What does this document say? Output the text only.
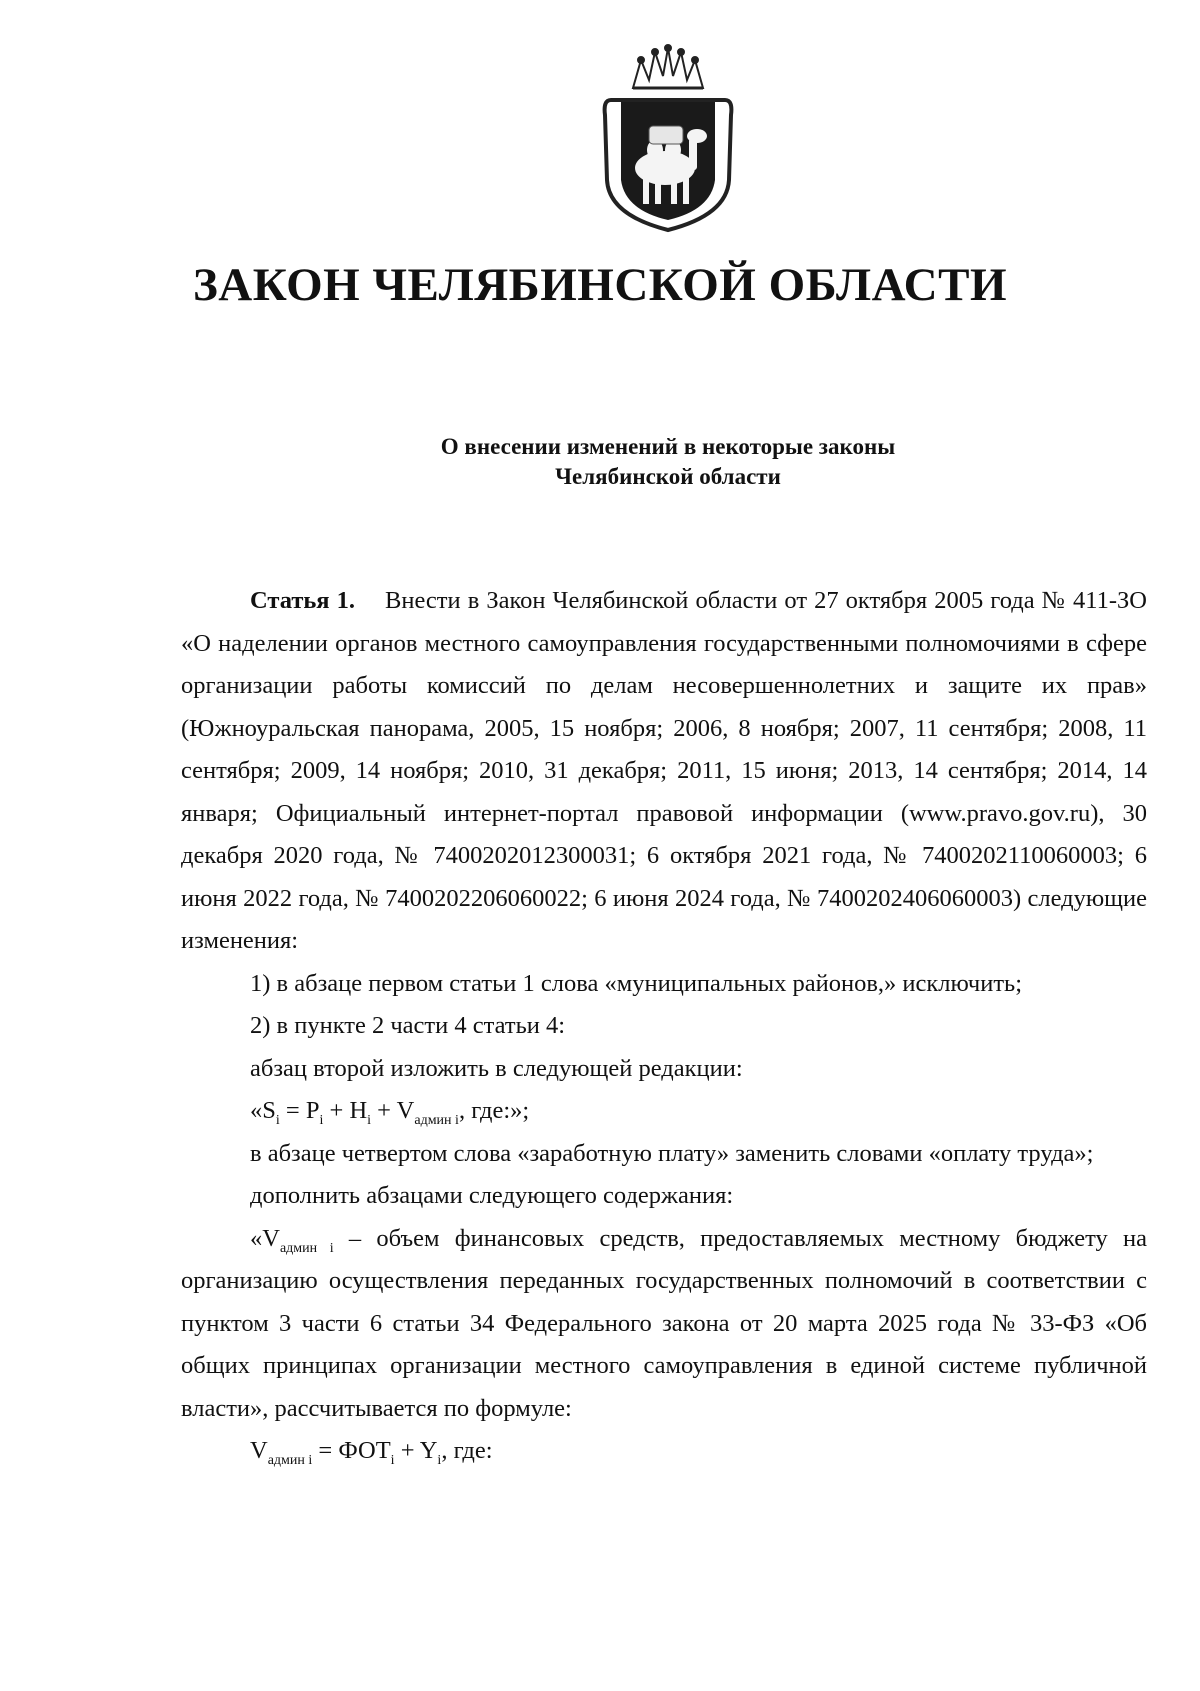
ЗАКОН ЧЕЛЯБИНСКОЙ ОБЛАСТИ
О внесении изменений в некоторые законы
Челябинской области

Статья 1. Внести в Закон Челябинской области от 27 октября 2005 года № 411-ЗО «О наделении органов местного самоуправления государственными полномочиями в сфере организации работы комиссий по делам несовершеннолетних и защите их прав» (Южноуральская панорама, 2005, 15 ноября; 2006, 8 ноября; 2007, 11 сентября; 2008, 11 сентября; 2009, 14 ноября; 2010, 31 декабря; 2011, 15 июня; 2013, 14 сентября; 2014, 14 января; Официальный интернет-портал правовой информации (www.pravo.gov.ru), 30 декабря 2020 года, № 7400202012300031; 6 октября 2021 года, № 7400202110060003; 6 июня 2022 года, № 7400202206060022; 6 июня 2024 года, № 7400202406060003) следующие изменения:

1) в абзаце первом статьи 1 слова «муниципальных районов,» исключить;

2) в пункте 2 части 4 статьи 4:

абзац второй изложить в следующей редакции:

«$S_i = P_i + H_i + V_{админ i}$, где:»;

в абзаце четвертом слова «заработную плату» заменить словами «оплату труда»;

дополнить абзацами следующего содержания:

«$V_{админ i}$ – объем финансовых средств, предоставляемых местному бюджету на организацию осуществления переданных государственных полномочий в соответствии с пунктом 3 части 6 статьи 34 Федерального закона от 20 марта 2025 года № 33-ФЗ «Об общих принципах организации местного самоуправления в единой системе публичной власти», рассчитывается по формуле:

$V_{админ i} = ФОТ_i + Y_i$, где:
